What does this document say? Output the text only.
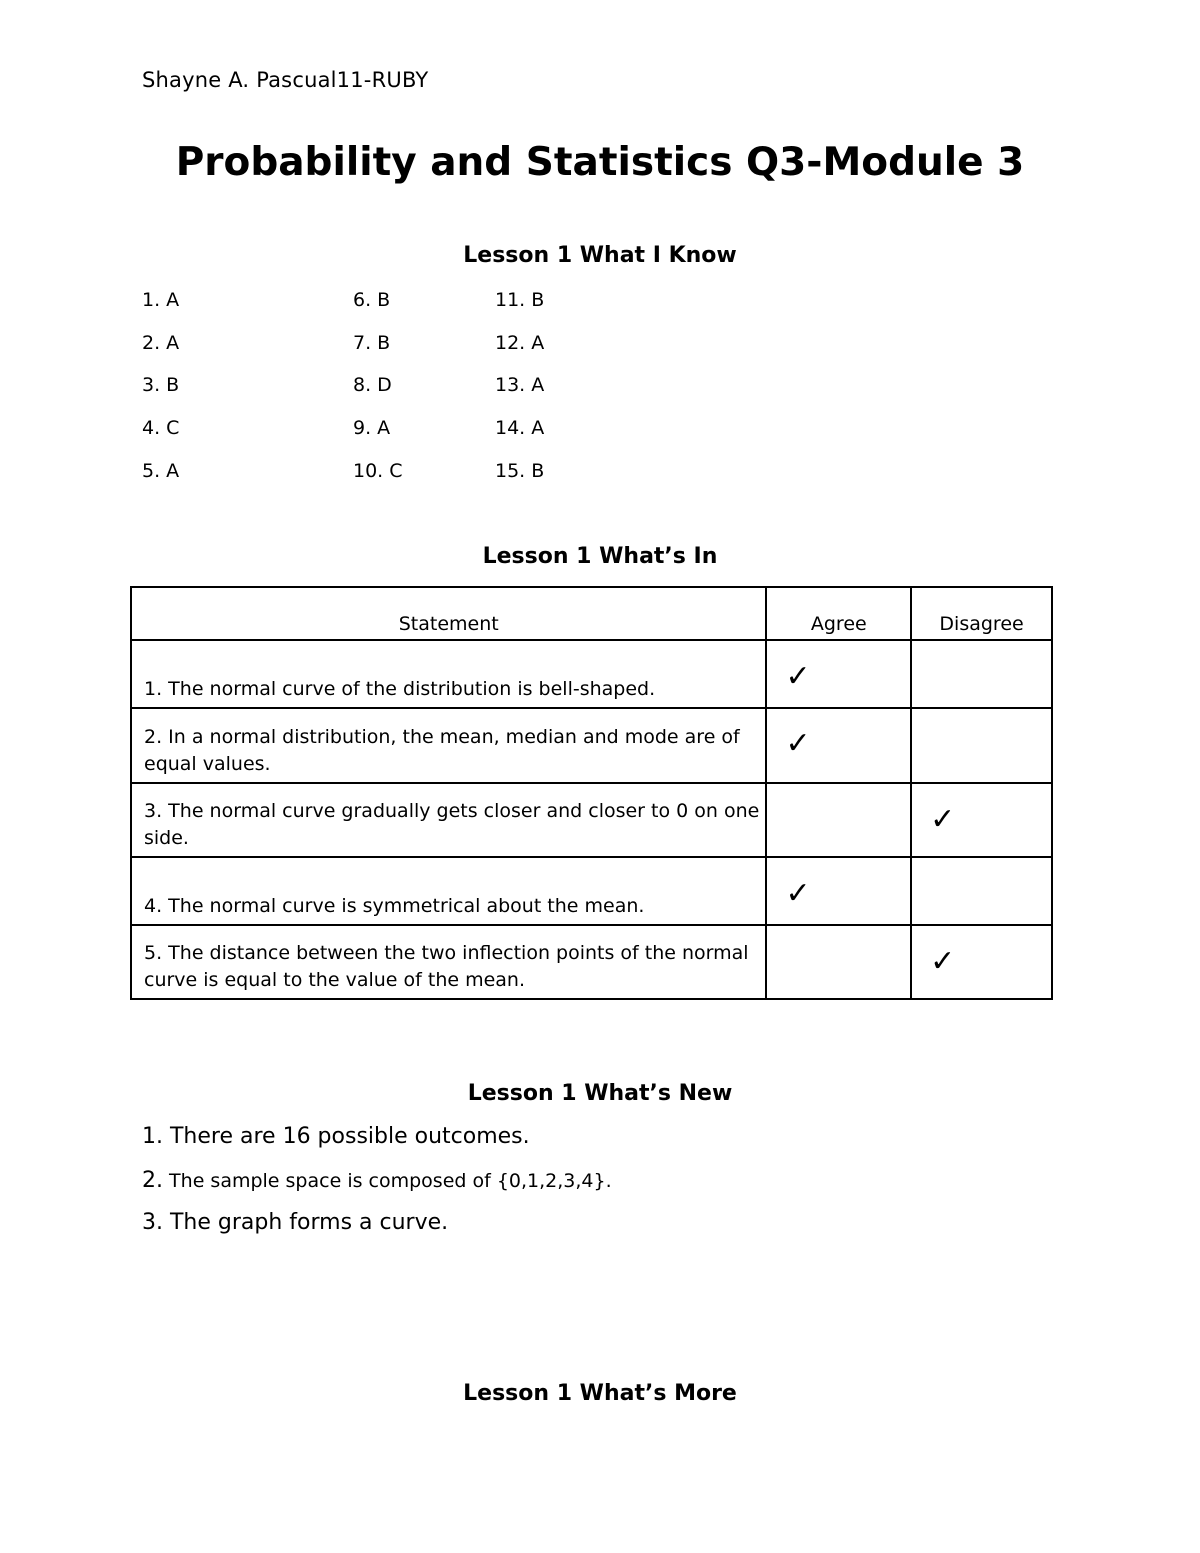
Shayne A. Pascual11-RUBY
Probability and Statistics Q3-Module 3
Lesson 1 What I Know
1. A
2. A
3. B
4. C
5. A
6. B
7. B
8. D
9. A
10. C
11. B
12. A
13. A
14. A
15. B
Lesson 1 What’s In
Statement	Agree	Disagree
1. The normal curve of the distribution is bell-shaped.	✓	

2. In a normal distribution, the mean, median and mode are of equal values.	✓	

3. The normal curve gradually gets closer and closer to 0 on one side.		✓

4. The normal curve is symmetrical about the mean.	✓	

5. The distance between the two inflection points of the normal curve is equal to the value of the mean.		✓
Lesson 1 What’s New
1. There are 16 possible outcomes.
2. The sample space is composed of {0,1,2,3,4}.
3. The graph forms a curve.
Lesson 1 What’s More
